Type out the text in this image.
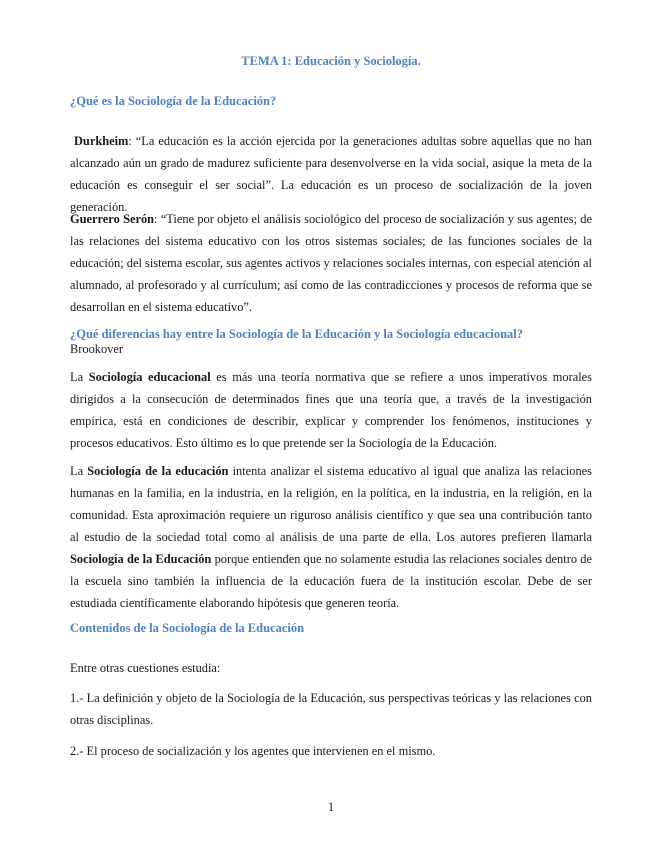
TEMA 1: Educación y Sociología.
¿Qué es la Sociología de la Educación?

Durkheim: “La educación es la acción ejercida por la generaciones adultas sobre aquellas que no han alcanzado aún un grado de madurez suficiente para desenvolverse en la vida social, asique la meta de la educación es conseguir el ser social”. La educación es un proceso de socialización de la joven generación.

Guerrero Serón: “Tiene por objeto el análisis sociológico del proceso de socialización y sus agentes; de las relaciones del sistema educativo con los otros sistemas sociales; de las funciones sociales de la educación; del sistema escolar, sus agentes activos y relaciones sociales internas, con especial atención al alumnado, al profesorado y al currículum; así como de las contradicciones y procesos de reforma que se desarrollan en el sistema educativo”.

¿Qué diferencias hay entre la Sociología de la Educación y la Sociología educacional?

Brookover

La Sociología educacional es más una teoría normativa que se refiere a unos imperativos morales dirigidos a la consecución de determinados fines que una teoría que, a través de la investigación empírica, está en condiciones de describir, explicar y comprender los fenómenos, instituciones y procesos educativos. Esto último es lo que pretende ser la Sociología de la Educación.

La Sociología de la educación intenta analizar el sistema educativo al igual que analiza las relaciones humanas en la familia, en la industria, en la religión, en la política, en la industria, en la religión, en la comunidad. Esta aproximación requiere un riguroso análisis científico y que sea una contribución tanto al estudio de la sociedad total como al análisis de una parte de ella. Los autores prefieren llamarla Sociología de la Educación porque entienden que no solamente estudia las relaciones sociales dentro de la escuela sino también la influencia de la educación fuera de la institución escolar. Debe de ser estudiada científicamente elaborando hipótesis que generen teoría.

Contenidos de la Sociología de la Educación

Entre otras cuestiones estudia:

1.- La definición y objeto de la Sociología de la Educación, sus perspectivas teóricas y las relaciones con otras disciplinas.

2.- El proceso de socialización y los agentes que intervienen en el mismo.

1
